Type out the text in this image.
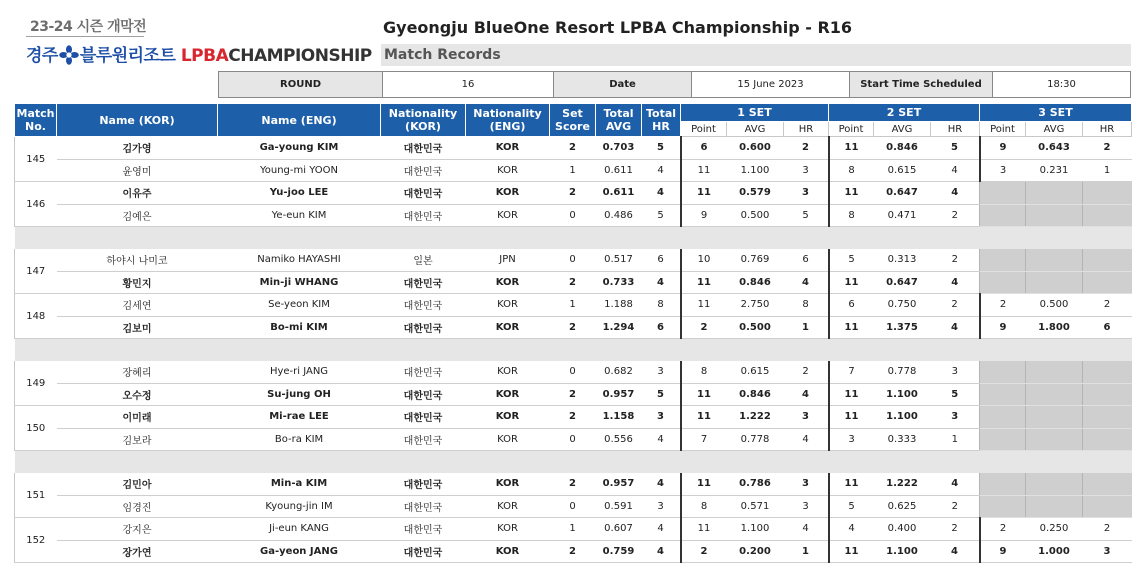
23-24 시즌 개막전
경주 블루원리조트 LPBACHAMPIONSHIP
Gyeongju BlueOne Resort LPBA Championship - R16
Match Records
ROUND	16	Date	15 June 2023	Start Time Scheduled	18:30
Match No.	Name (KOR)	Name (ENG)	Nationality (KOR)	Nationality (ENG)	Set Score	Total AVG	Total HR	1 SET			2 SET			3 SET		
								Point	AVG	HR	Point	AVG	HR	Point	AVG	HR
145	김가영	Ga-young KIM	대한민국	KOR	2	0.703	5	6	0.600	2	11	0.846	5	9	0.643	2
	윤영미	Young-mi YOON	대한민국	KOR	1	0.611	4	11	1.100	3	8	0.615	4	3	0.231	1
146	이유주	Yu-joo LEE	대한민국	KOR	2	0.611	4	11	0.579	3	11	0.647	4			
	김예은	Ye-eun KIM	대한민국	KOR	0	0.486	5	9	0.500	5	8	0.471	2			

147	하야시 나미코	Namiko HAYASHI	일본	JPN	0	0.517	6	10	0.769	6	5	0.313	2			
	황민지	Min-ji WHANG	대한민국	KOR	2	0.733	4	11	0.846	4	11	0.647	4			
148	김세연	Se-yeon KIM	대한민국	KOR	1	1.188	8	11	2.750	8	6	0.750	2	2	0.500	2
	김보미	Bo-mi KIM	대한민국	KOR	2	1.294	6	2	0.500	1	11	1.375	4	9	1.800	6

149	장혜리	Hye-ri JANG	대한민국	KOR	0	0.682	3	8	0.615	2	7	0.778	3			
	오수정	Su-jung OH	대한민국	KOR	2	0.957	5	11	0.846	4	11	1.100	5			
150	이미래	Mi-rae LEE	대한민국	KOR	2	1.158	3	11	1.222	3	11	1.100	3			
	김보라	Bo-ra KIM	대한민국	KOR	0	0.556	4	7	0.778	4	3	0.333	1			

151	김민아	Min-a KIM	대한민국	KOR	2	0.957	4	11	0.786	3	11	1.222	4			
	임경진	Kyoung-jin IM	대한민국	KOR	0	0.591	3	8	0.571	3	5	0.625	2			
152	강지은	Ji-eun KANG	대한민국	KOR	1	0.607	4	11	1.100	4	4	0.400	2	2	0.250	2
	장가연	Ga-yeon JANG	대한민국	KOR	2	0.759	4	2	0.200	1	11	1.100	4	9	1.000	3
